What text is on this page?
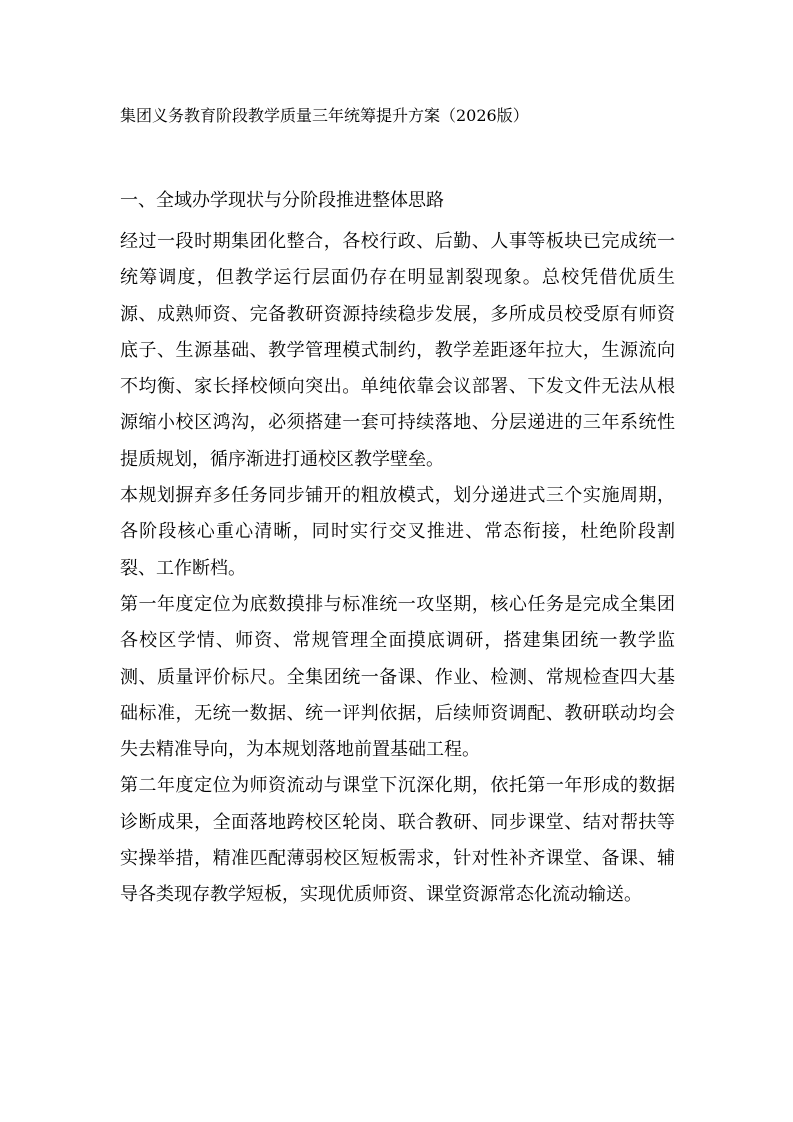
集团义务教育阶段教学质量三年统筹提升方案（2026版）
一、全域办学现状与分阶段推进整体思路

经过一段时期集团化整合，各校行政、后勤、人事等板块已完成统一统筹调度，但教学运行层面仍存在明显割裂现象。总校凭借优质生源、成熟师资、完备教研资源持续稳步发展，多所成员校受原有师资底子、生源基础、教学管理模式制约，教学差距逐年拉大，生源流向不均衡、家长择校倾向突出。单纯依靠会议部署、下发文件无法从根源缩小校区鸿沟，必须搭建一套可持续落地、分层递进的三年系统性提质规划，循序渐进打通校区教学壁垒。

本规划摒弃多任务同步铺开的粗放模式，划分递进式三个实施周期，各阶段核心重心清晰，同时实行交叉推进、常态衔接，杜绝阶段割裂、工作断档。

第一年度定位为底数摸排与标准统一攻坚期，核心任务是完成全集团各校区学情、师资、常规管理全面摸底调研，搭建集团统一教学监测、质量评价标尺。全集团统一备课、作业、检测、常规检查四大基础标准，无统一数据、统一评判依据，后续师资调配、教研联动均会失去精准导向，为本规划落地前置基础工程。

第二年度定位为师资流动与课堂下沉深化期，依托第一年形成的数据诊断成果，全面落地跨校区轮岗、联合教研、同步课堂、结对帮扶等实操举措，精准匹配薄弱校区短板需求，针对性补齐课堂、备课、辅导各类现存教学短板，实现优质师资、课堂资源常态化流动输送。
